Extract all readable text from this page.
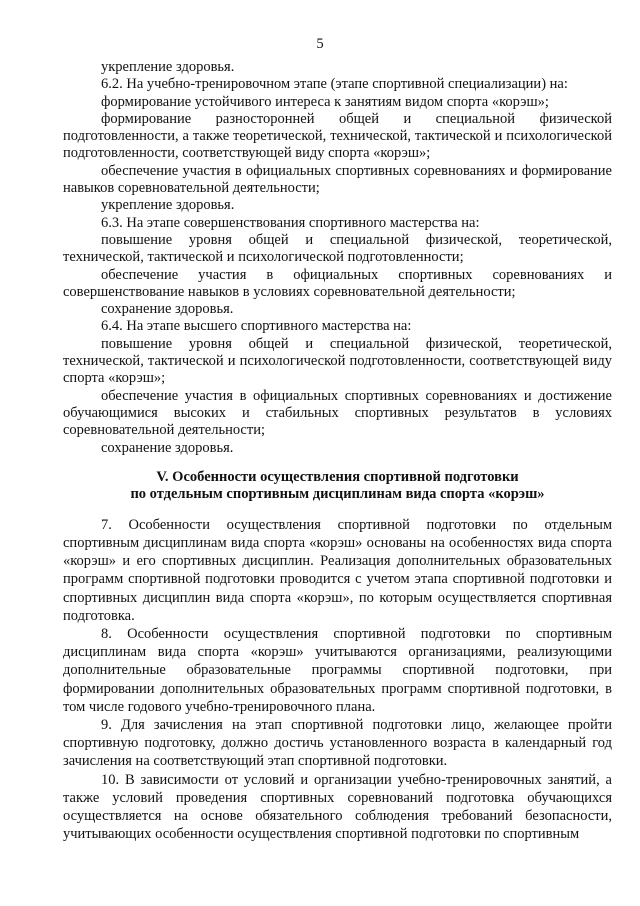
5

укрепление здоровья.

6.2. На учебно-тренировочном этапе (этапе спортивной специализации) на:

формирование устойчивого интереса к занятиям видом спорта «корэш»;

формирование разносторонней общей и специальной физической подготовленности, а также теоретической, технической, тактической и психологической подготовленности, соответствующей виду спорта «корэш»;

обеспечение участия в официальных спортивных соревнованиях и формирование навыков соревновательной деятельности;

укрепление здоровья.

6.3. На этапе совершенствования спортивного мастерства на:

повышение уровня общей и специальной физической, теоретической, технической, тактической и психологической подготовленности;

обеспечение участия в официальных спортивных соревнованиях и совершенствование навыков в условиях соревновательной деятельности;

сохранение здоровья.

6.4. На этапе высшего спортивного мастерства на:

повышение уровня общей и специальной физической, теоретической, технической, тактической и психологической подготовленности, соответствующей виду спорта «корэш»;

обеспечение участия в официальных спортивных соревнованиях и достижение обучающимися высоких и стабильных спортивных результатов в условиях соревновательной деятельности;

сохранение здоровья.

V. Особенности осуществления спортивной подготовки
по отдельным спортивным дисциплинам вида спорта «корэш»

7. Особенности осуществления спортивной подготовки по отдельным спортивным дисциплинам вида спорта «корэш» основаны на особенностях вида спорта «корэш» и его спортивных дисциплин. Реализация дополнительных образовательных программ спортивной подготовки проводится с учетом этапа спортивной подготовки и спортивных дисциплин вида спорта «корэш», по которым осуществляется спортивная подготовка.

8. Особенности осуществления спортивной подготовки по спортивным дисциплинам вида спорта «корэш» учитываются организациями, реализующими дополнительные образовательные программы спортивной подготовки, при формировании дополнительных образовательных программ спортивной подготовки, в том числе годового учебно-тренировочного плана.

9. Для зачисления на этап спортивной подготовки лицо, желающее пройти спортивную подготовку, должно достичь установленного возраста в календарный год зачисления на соответствующий этап спортивной подготовки.

10. В зависимости от условий и организации учебно-тренировочных занятий, а также условий проведения спортивных соревнований подготовка обучающихся осуществляется на основе обязательного соблюдения требований безопасности, учитывающих особенности осуществления спортивной подготовки по спортивным
